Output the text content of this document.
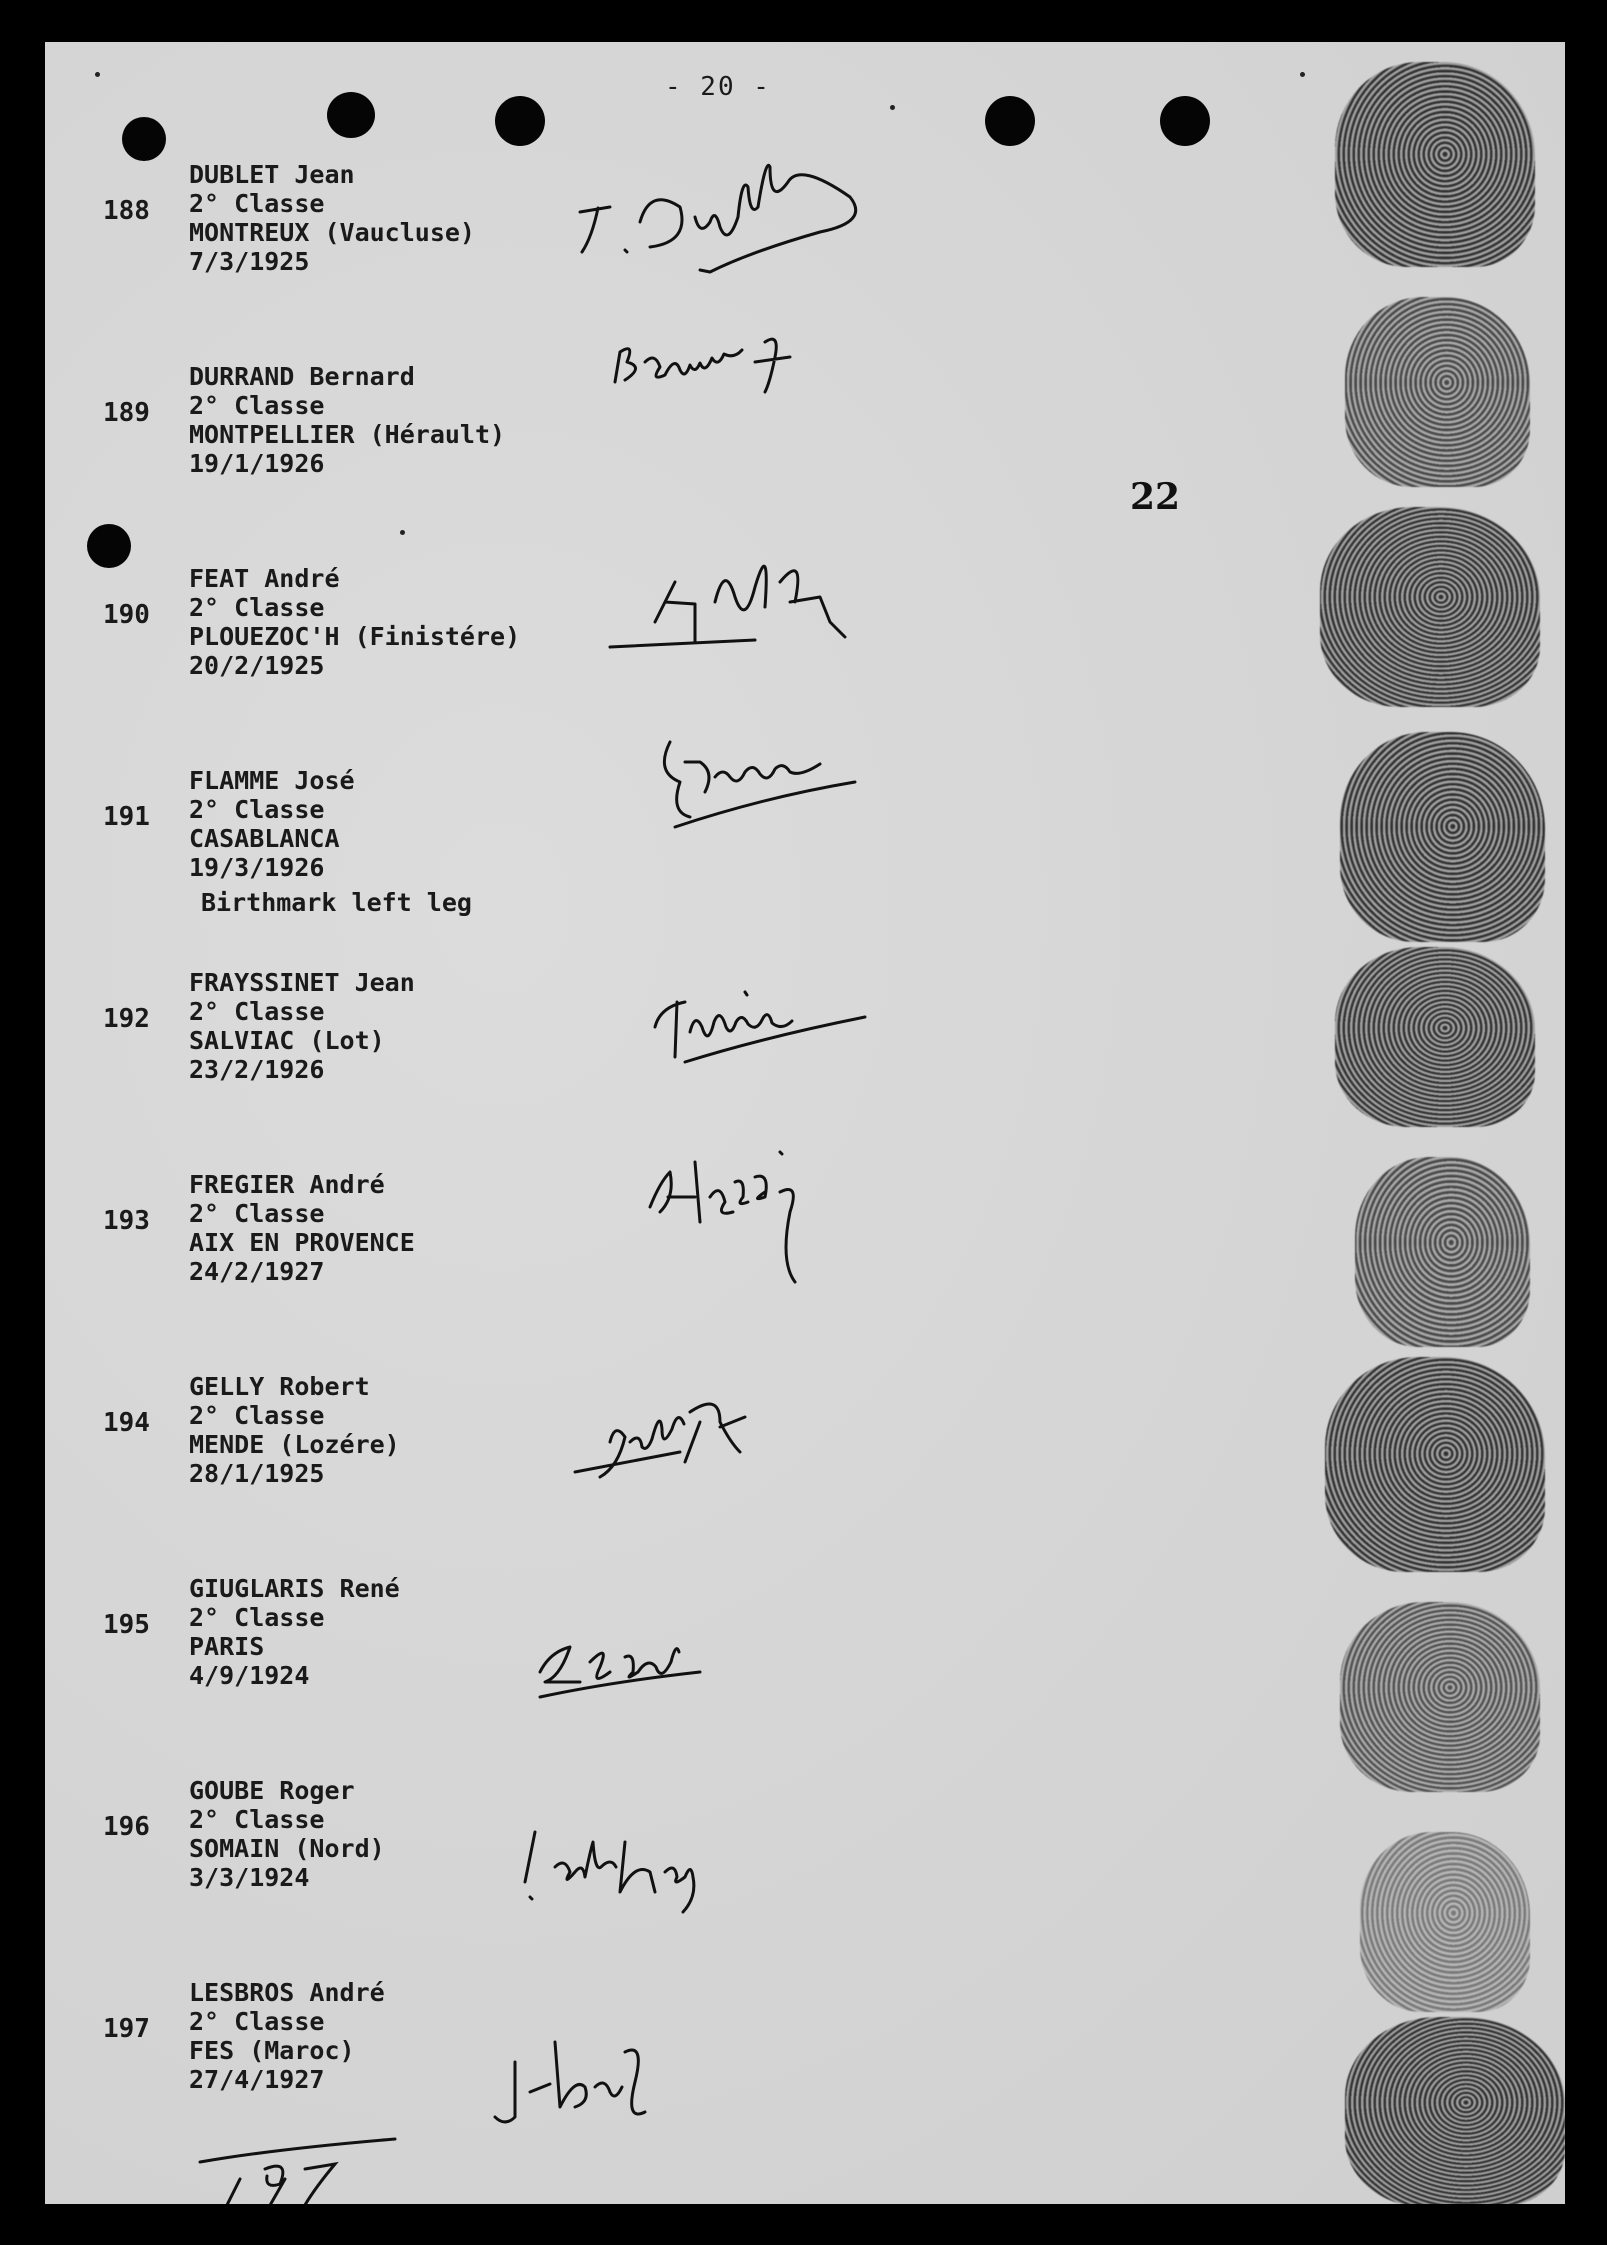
- 20 -
22
188
DUBLET Jean
2° Classe
MONTREUX (Vaucluse)
7/3/1925
189
DURRAND Bernard
2° Classe
MONTPELLIER (Hérault)
19/1/1926
190
FEAT André
2° Classe
PLOUEZOC'H (Finistére)
20/2/1925
191
FLAMME José
2° Classe
CASABLANCA
19/3/1926
Birthmark left leg
192
FRAYSSINET Jean
2° Classe
SALVIAC (Lot)
23/2/1926
193
FREGIER André
2° Classe
AIX EN PROVENCE
24/2/1927
194
GELLY Robert
2° Classe
MENDE (Lozére)
28/1/1925
195
GIUGLARIS René
2° Classe
PARIS
4/9/1924
196
GOUBE Roger
2° Classe
SOMAIN (Nord)
3/3/1924
197
LESBROS André
2° Classe
FES (Maroc)
27/4/1927
